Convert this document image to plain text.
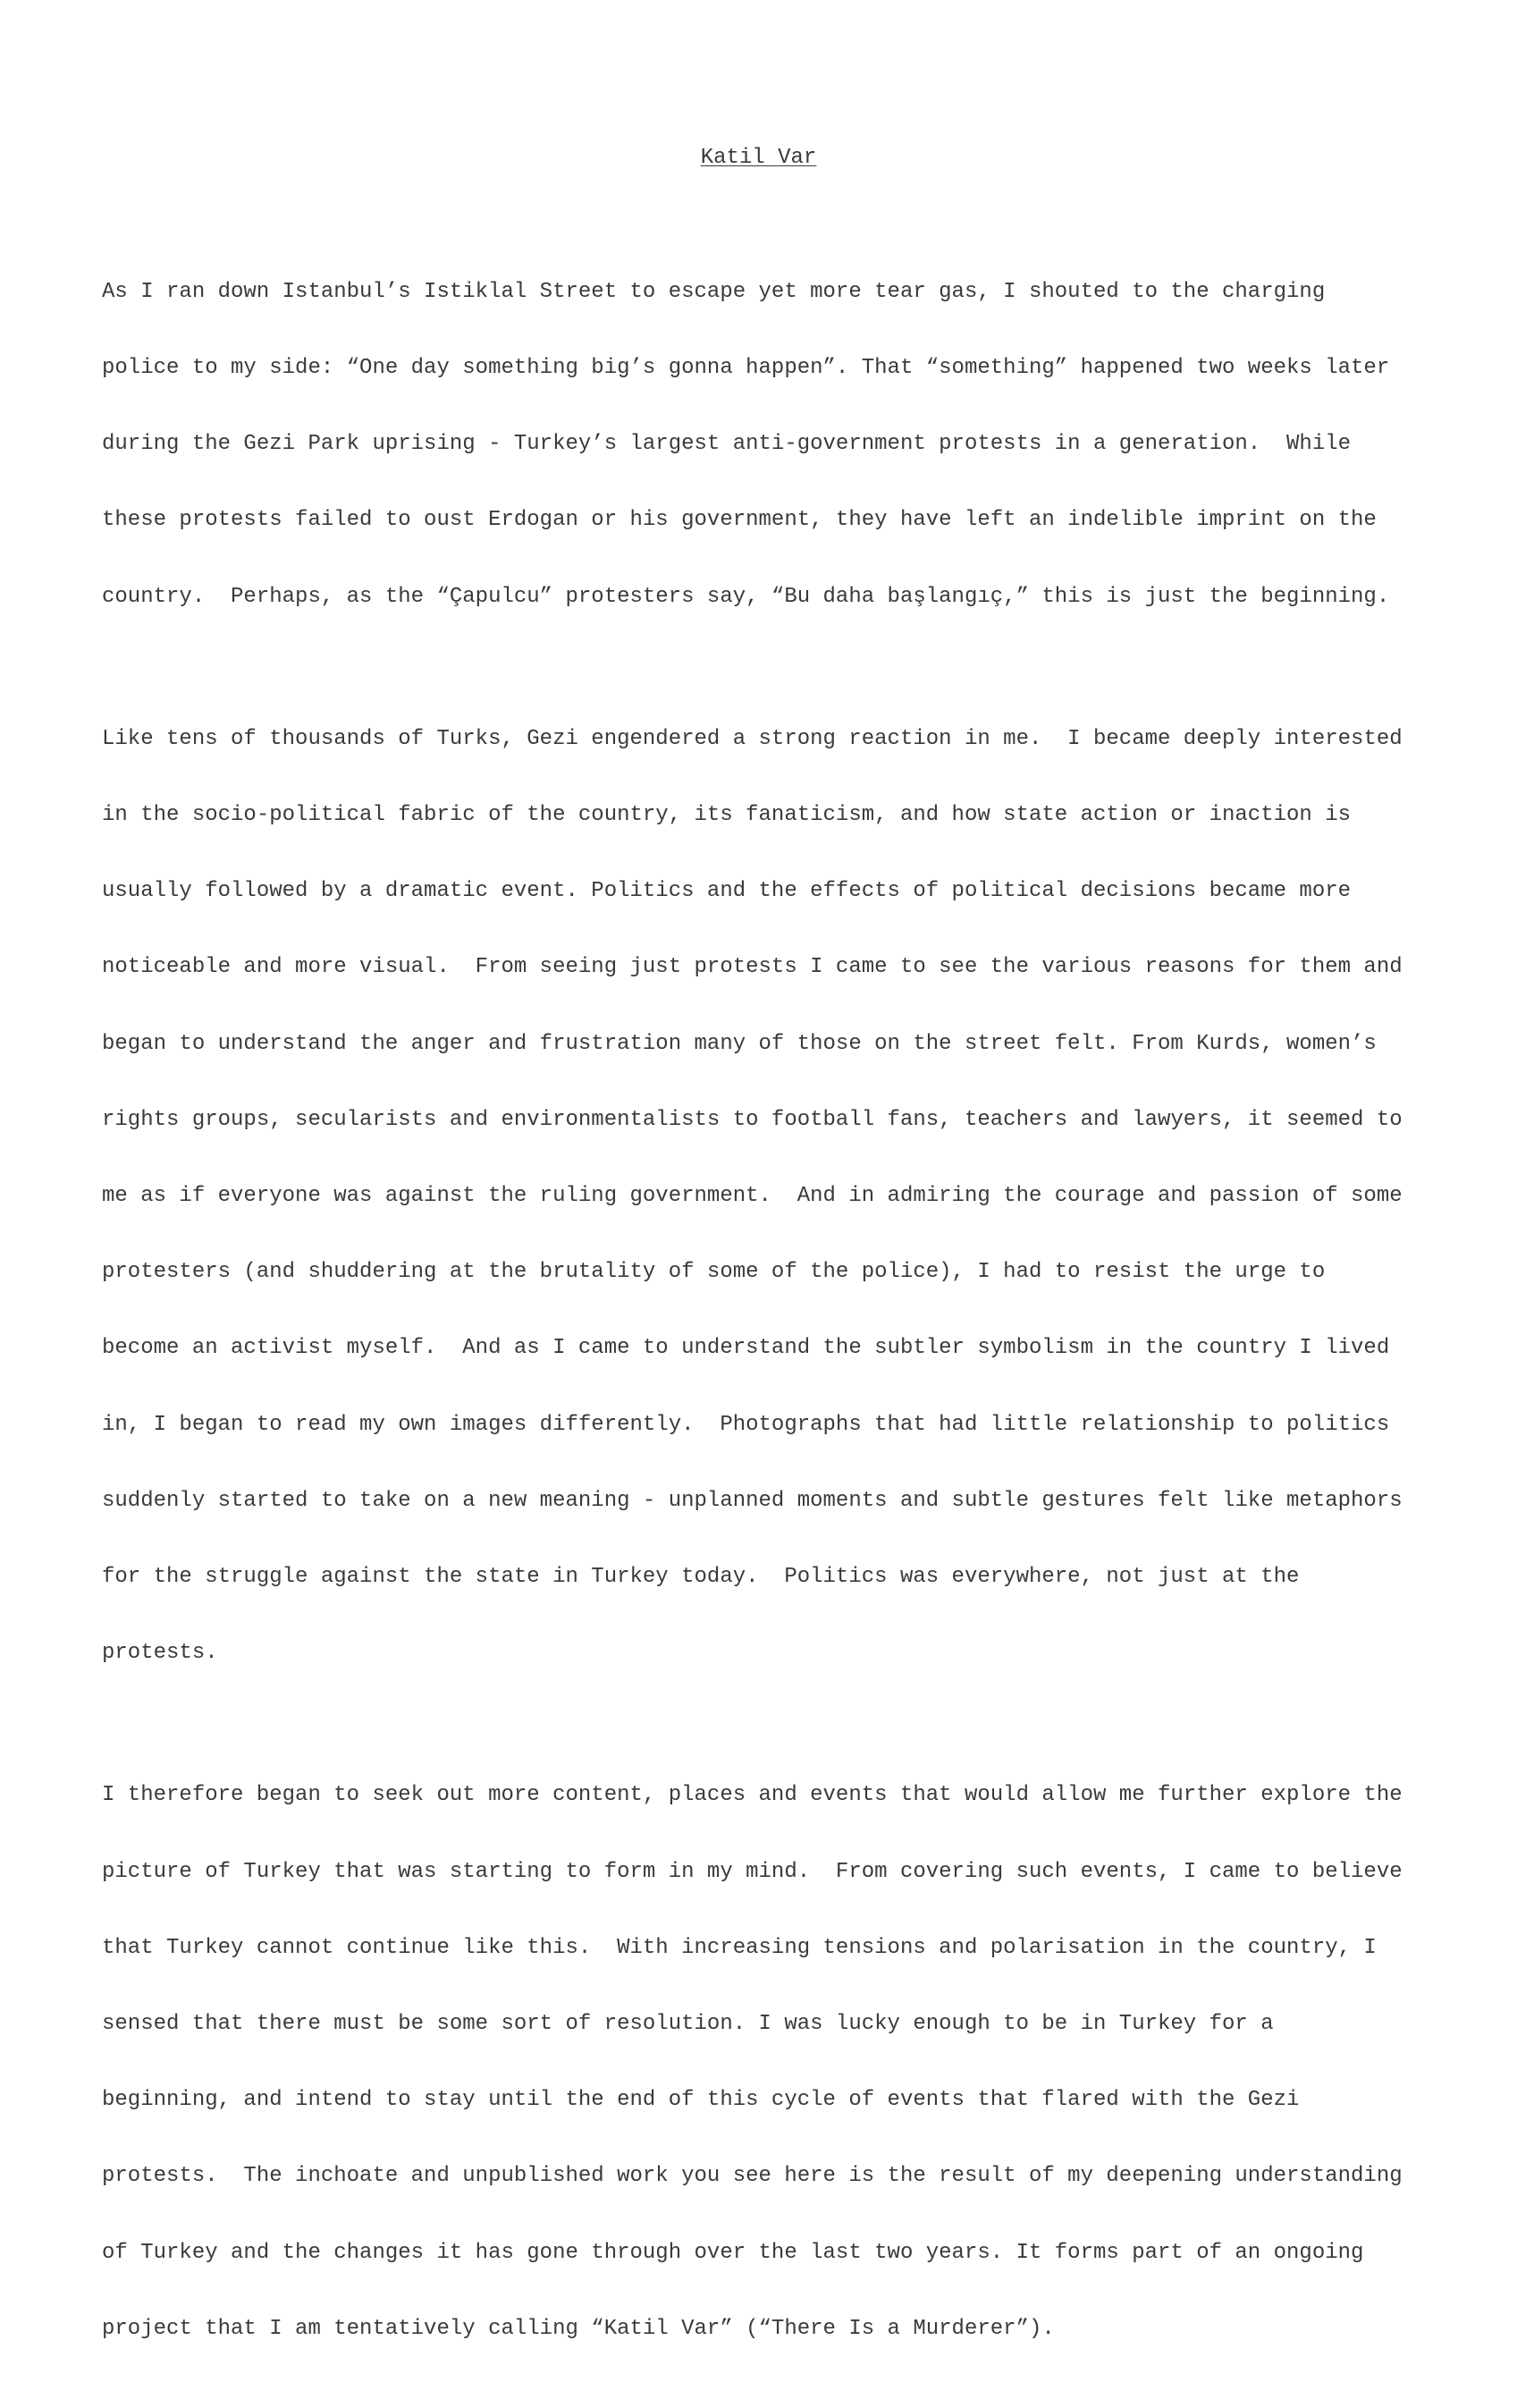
Katil Var

As I ran down Istanbul’s Istiklal Street to escape yet more tear gas, I shouted to the charging

police to my side: “One day something big’s gonna happen”. That “something” happened two weeks later

during the Gezi Park uprising - Turkey’s largest anti-government protests in a generation.  While

these protests failed to oust Erdogan or his government, they have left an indelible imprint on the

country.  Perhaps, as the “Çapulcu” protesters say, “Bu daha başlangıç,” this is just the beginning.

Like tens of thousands of Turks, Gezi engendered a strong reaction in me.  I became deeply interested

in the socio-political fabric of the country, its fanaticism, and how state action or inaction is

usually followed by a dramatic event. Politics and the effects of political decisions became more

noticeable and more visual.  From seeing just protests I came to see the various reasons for them and

began to understand the anger and frustration many of those on the street felt. From Kurds, women’s

rights groups, secularists and environmentalists to football fans, teachers and lawyers, it seemed to

me as if everyone was against the ruling government.  And in admiring the courage and passion of some

protesters (and shuddering at the brutality of some of the police), I had to resist the urge to

become an activist myself.  And as I came to understand the subtler symbolism in the country I lived

in, I began to read my own images differently.  Photographs that had little relationship to politics

suddenly started to take on a new meaning - unplanned moments and subtle gestures felt like metaphors

for the struggle against the state in Turkey today.  Politics was everywhere, not just at the

protests.

I therefore began to seek out more content, places and events that would allow me further explore the

picture of Turkey that was starting to form in my mind.  From covering such events, I came to believe

that Turkey cannot continue like this.  With increasing tensions and polarisation in the country, I

sensed that there must be some sort of resolution. I was lucky enough to be in Turkey for a

beginning, and intend to stay until the end of this cycle of events that flared with the Gezi

protests.  The inchoate and unpublished work you see here is the result of my deepening understanding

of Turkey and the changes it has gone through over the last two years. It forms part of an ongoing

project that I am tentatively calling “Katil Var” (“There Is a Murderer”).
